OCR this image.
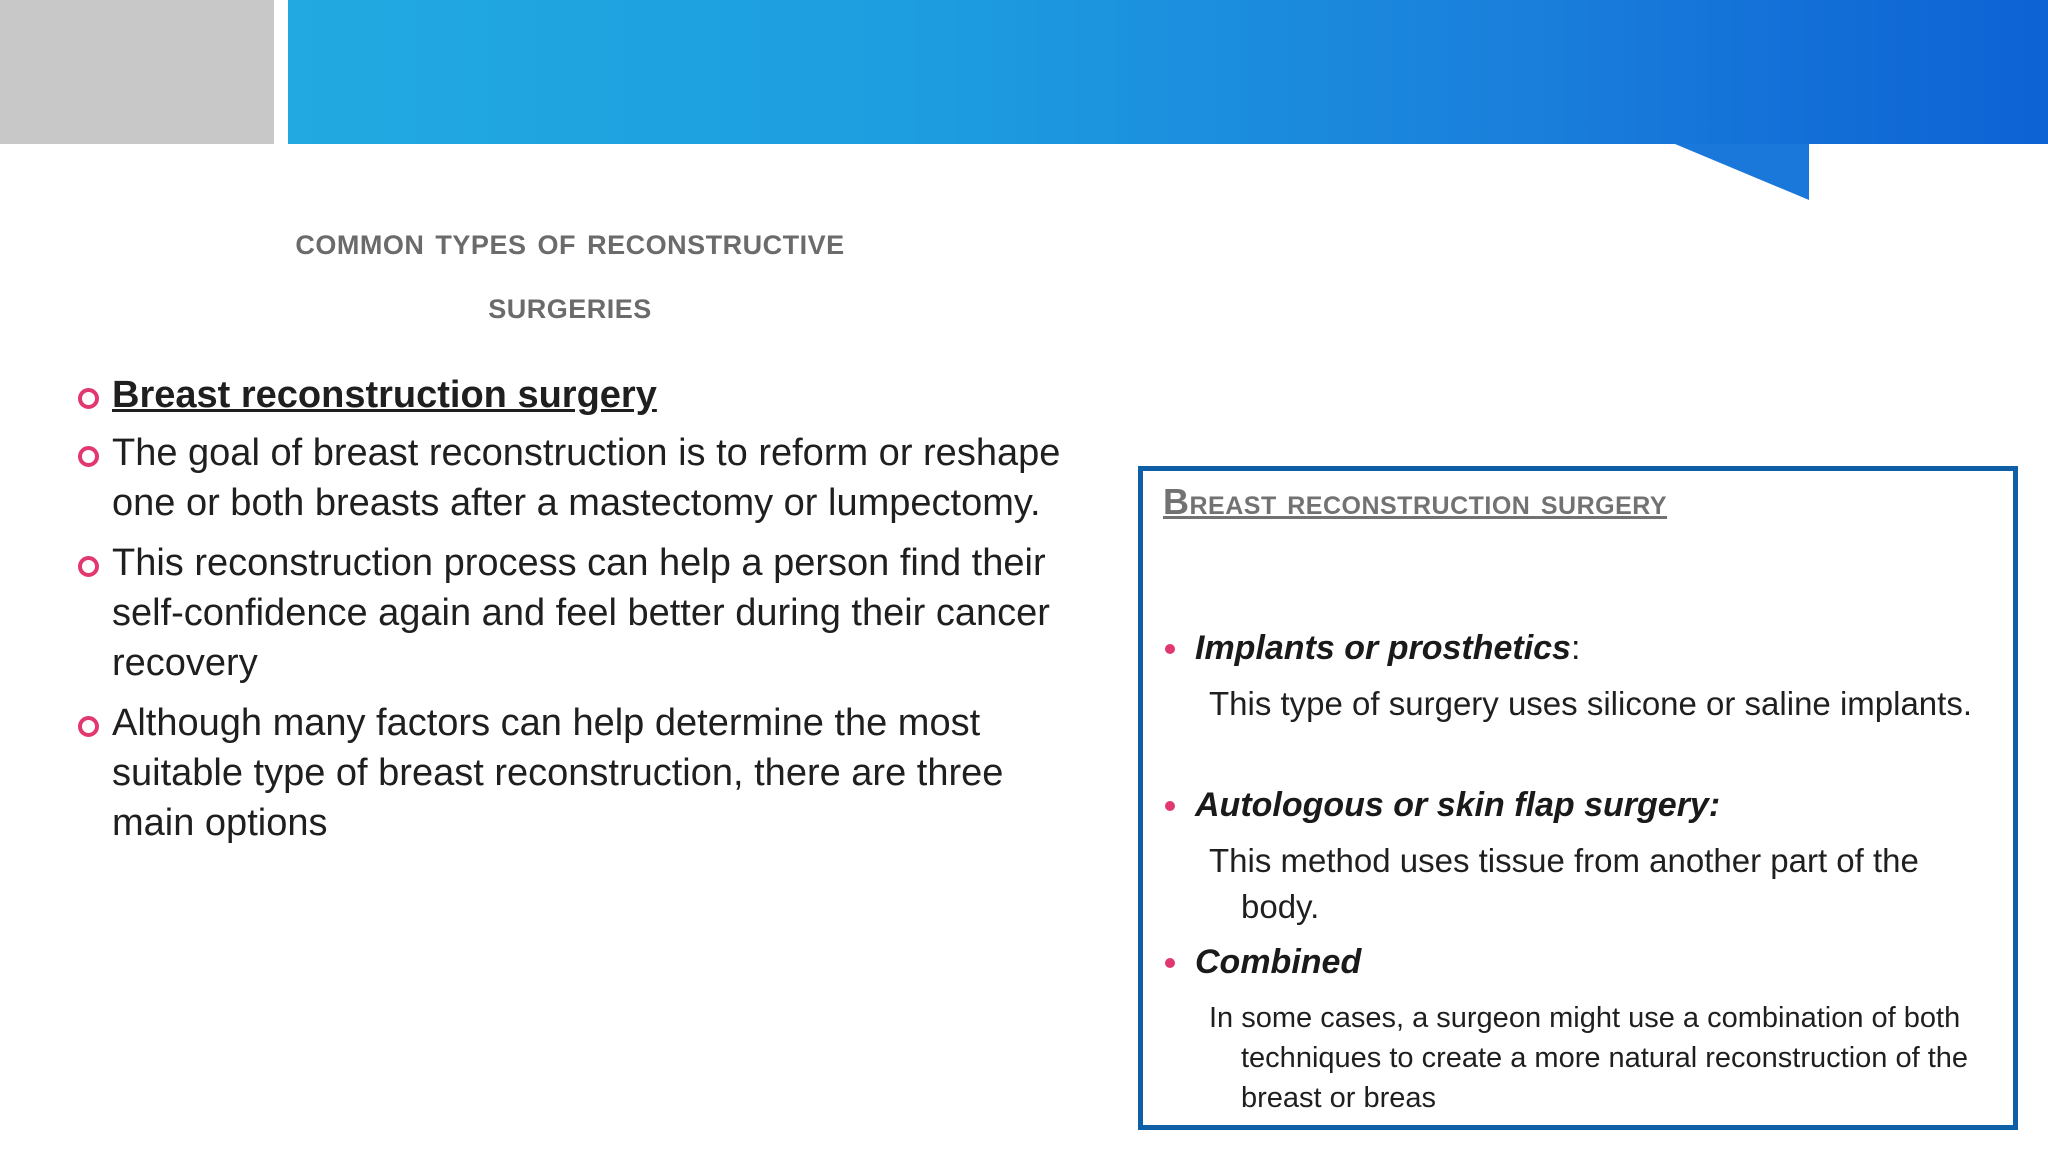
common types of reconstructive
surgeries
Breast reconstruction surgery
The goal of breast reconstruction is to reform or reshape one or both breasts after a mastectomy or lumpectomy.
This reconstruction process can help a person find their self-confidence again and feel better during their cancer recovery
Although many factors can help determine the most suitable type of breast reconstruction, there are three main options
Breast reconstruction surgery
Implants or prosthetics:
This type of surgery uses silicone or saline implants.
Autologous or skin flap surgery:
This method uses tissue from another part of the body.
Combined
In some cases, a surgeon might use a combination of both techniques to create a more natural reconstruction of the breast or breas
